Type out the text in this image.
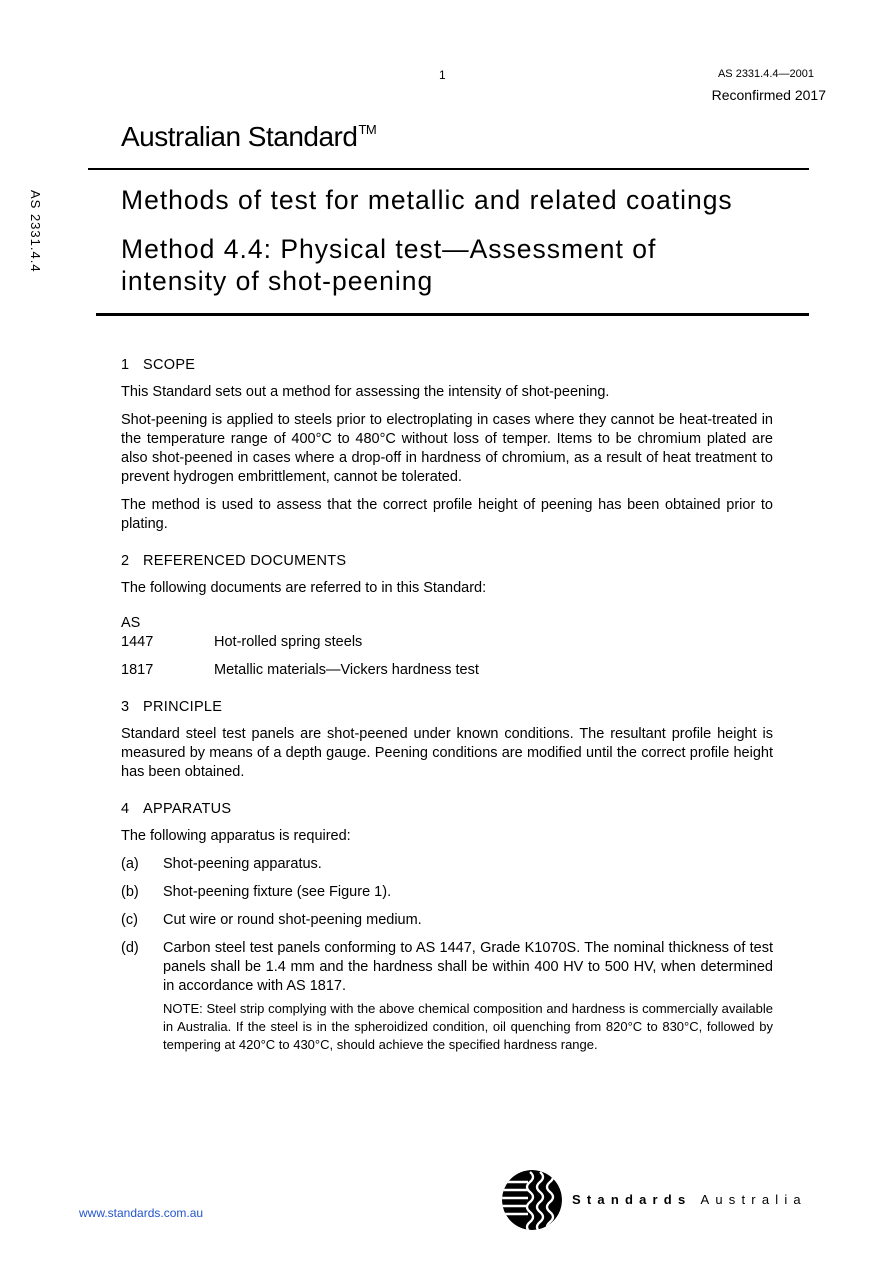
1	AS 2331.4.4—2001
Reconfirmed 2017
Australian Standard™
AS 2331.4.4	Methods of test for metallic and related coatings
Method 4.4: Physical test—Assessment of intensity of shot-peening
1 SCOPE

This Standard sets out a method for assessing the intensity of shot-peening.

Shot-peening is applied to steels prior to electroplating in cases where they cannot be heat-treated in the temperature range of 400°C to 480°C without loss of temper. Items to be chromium plated are also shot-peened in cases where a drop-off in hardness of chromium, as a result of heat treatment to prevent hydrogen embrittlement, cannot be tolerated.

The method is used to assess that the correct profile height of peening has been obtained prior to plating.

2 REFERENCED DOCUMENTS

The following documents are referred to in this Standard:

AS
1447	Hot-rolled spring steels
1817	Metallic materials—Vickers hardness test
3 PRINCIPLE

Standard steel test panels are shot-peened under known conditions. The resultant profile height is measured by means of a depth gauge. Peening conditions are modified until the correct profile height has been obtained.

4 APPARATUS

The following apparatus is required:

(a)	Shot-peening apparatus.
(b)	Shot-peening fixture (see Figure 1).
(c)	Cut wire or round shot-peening medium.
(d)	Carbon steel test panels conforming to AS 1447, Grade K1070S. The nominal thickness of test panels shall be 1.4 mm and the hardness shall be within 400 HV to 500 HV, when determined in accordance with AS 1817.
NOTE: Steel strip complying with the above chemical composition and hardness is commercially available in Australia. If the steel is in the spheroidized condition, oil quenching from 820°C to 830°C, followed by tempering at 420°C to 430°C, should achieve the specified hardness range.
www.standards.com.au
Standards Australia
